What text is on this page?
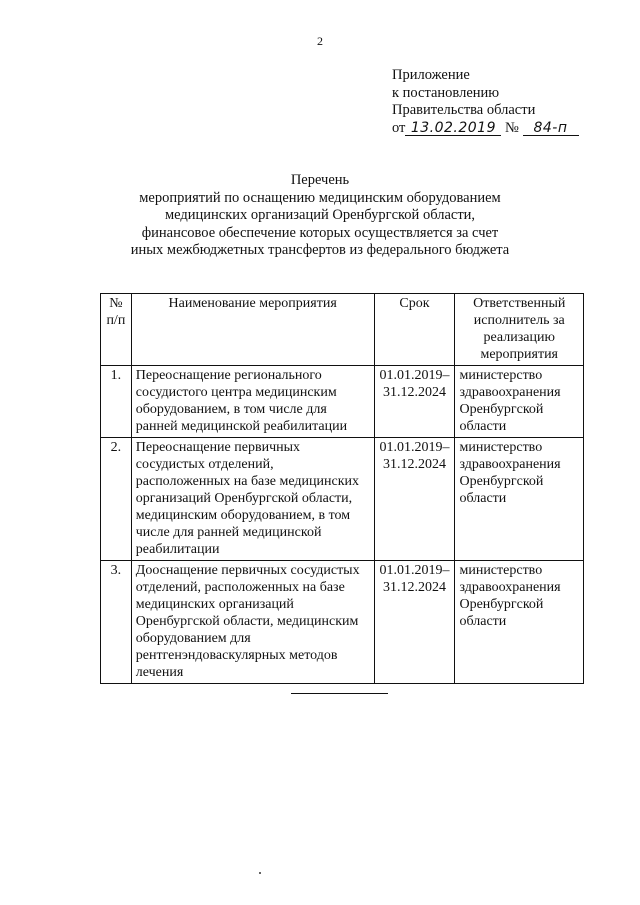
2
Приложение
к постановлению
Правительства области
от 13.02.2019 № 84-п
Перечень
мероприятий по оснащению медицинским оборудованием
медицинских организаций Оренбургской области,
финансовое обеспечение которых осуществляется за счет
иных межбюджетных трансфертов из федерального бюджета
№ п/п	Наименование мероприятия	Срок	Ответственный исполнитель за реализацию мероприятия
1.	Переоснащение регионального сосудистого центра медицинским оборудованием, в том числе для ранней медицинской реабилитации	01.01.2019– 31.12.2024	министерство здравоохранения Оренбургской области
2.	Переоснащение первичных сосудистых отделений, расположенных на базе медицинских организаций Оренбургской области, медицинским оборудованием, в том числе для ранней медицинской реабилитации	01.01.2019– 31.12.2024	министерство здравоохранения Оренбургской области
3.	Дооснащение первичных сосудистых отделений, расположенных на базе медицинских организаций Оренбургской области, медицинским оборудованием для рентгенэндоваскулярных методов лечения	01.01.2019– 31.12.2024	министерство здравоохранения Оренбургской области
